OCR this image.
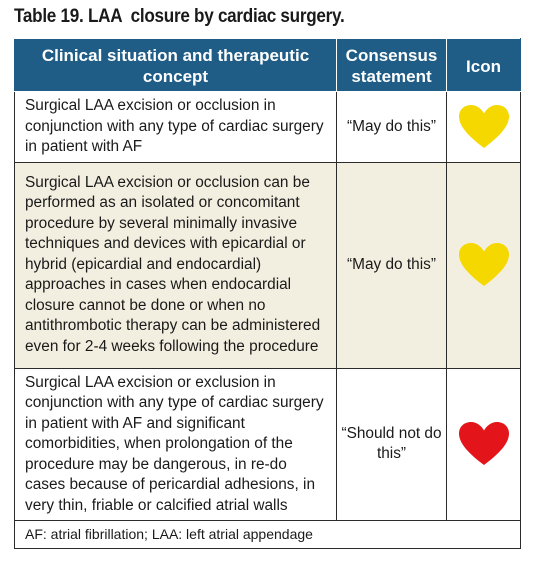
Table 19. LAA  closure by cardiac surgery.
Clinical situation and therapeutic concept	Consensus statement	Icon
Surgical LAA excision or occlusion in conjunction with any type of cardiac surgery in patient with AF	“May do this”	
Surgical LAA excision or occlusion can be performed as an isolated or concomitant procedure by several minimally invasive techniques and devices with epicardial or hybrid (epicardial and endocardial) approaches in cases when endocardial closure cannot be done or when no antithrombotic therapy can be administered even for 2-4 weeks following the procedure	“May do this”	
Surgical LAA excision or exclusion in conjunction with any type of cardiac surgery in patient with AF and significant comorbidities, when prolongation of the procedure may be dangerous, in re-do cases because of pericardial adhesions, in very thin, friable or calcified atrial walls	“Should not do this”	
AF: atrial fibrillation; LAA: left atrial appendage		
